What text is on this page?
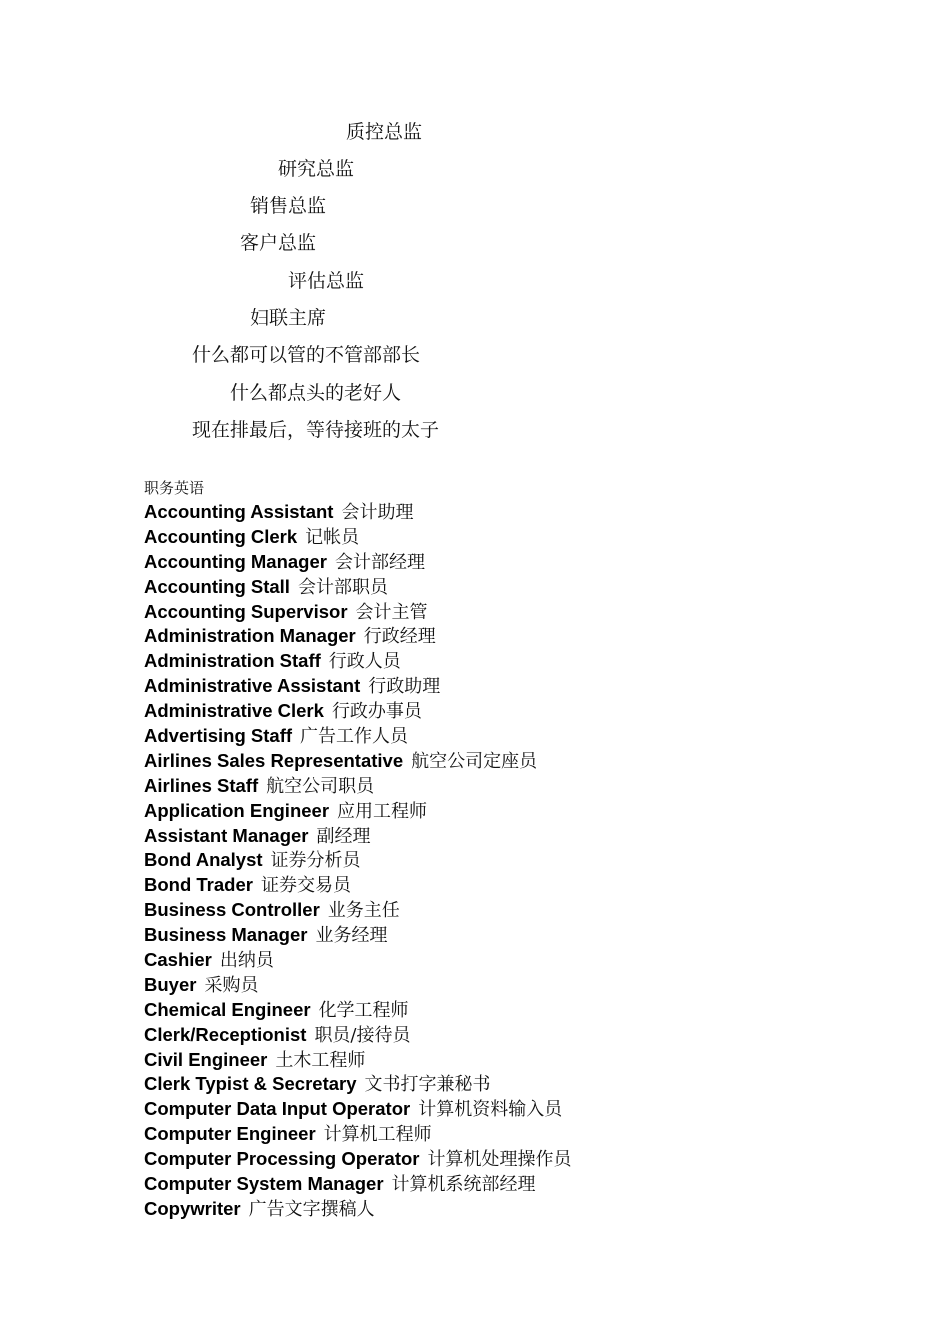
质控总监
研究总监
销售总监
客户总监
评估总监
妇联主席
什么都可以管的不管部部长
什么都点头的老好人
现在排最后，等待接班的太子
职务英语
Accounting Assistant 会计助理
Accounting Clerk 记帐员
Accounting Manager 会计部经理
Accounting Stall 会计部职员
Accounting Supervisor 会计主管
Administration Manager 行政经理
Administration Staff 行政人员
Administrative Assistant 行政助理
Administrative Clerk 行政办事员
Advertising Staff 广告工作人员
Airlines Sales Representative 航空公司定座员
Airlines Staff 航空公司职员
Application Engineer 应用工程师
Assistant Manager 副经理
Bond Analyst 证券分析员
Bond Trader 证券交易员
Business Controller 业务主任
Business Manager 业务经理
Cashier 出纳员
Buyer 采购员
Chemical Engineer 化学工程师
Clerk/Receptionist 职员/接待员
Civil Engineer 土木工程师
Clerk Typist & Secretary 文书打字兼秘书
Computer Data Input Operator 计算机资料输入员
Computer Engineer 计算机工程师
Computer Processing Operator 计算机处理操作员
Computer System Manager 计算机系统部经理
Copywriter 广告文字撰稿人
